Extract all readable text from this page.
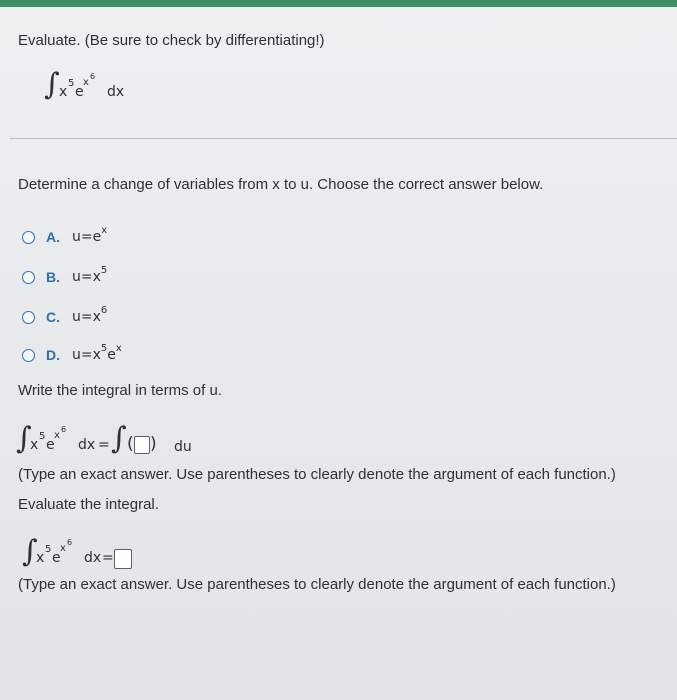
Evaluate. (Be sure to check by differentiating!)
∫ x
5
e
x
6
dx
Determine a change of variables from x to u. Choose the correct answer below.
A. $u=e^x$
B. $u=x^5$
C. $u=x^6$
D. $u=x^5e^x$
Write the integral in terms of u.
∫
x
5
e
x
6
dx = ∫ ( ) du
(Type an exact answer. Use parentheses to clearly denote the argument of each function.)
Evaluate the integral.
∫
x
5
e
x
6
dx =
(Type an exact answer. Use parentheses to clearly denote the argument of each function.)
